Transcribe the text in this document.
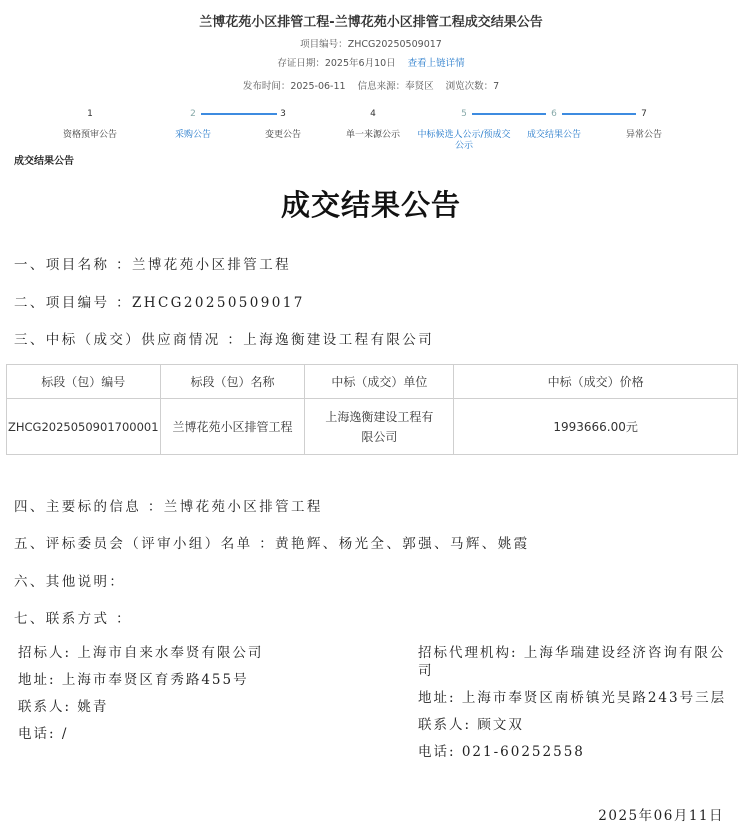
兰博花苑小区排管工程-兰博花苑小区排管工程成交结果公告
项目编号：ZHCG20250509017
存证日期：2025年6月10日 查看上链详情
发布时间：2025-06-11 信息来源：奉贤区 浏览次数：7
1
资格预审公告
2
采购公告
3
变更公告
4
单一来源公示
5
中标候选人公示/预成交公示
6
成交结果公告
7
异常公告
成交结果公告
成交结果公告
一、项目名称 ：兰博花苑小区排管工程
二、项目编号 ：ZHCG20250509017
三、中标（成交）供应商情况 ：上海逸衡建设工程有限公司
标段（包）编号	标段（包）名称	中标（成交）单位	中标（成交）价格
ZHCG2025050901700001	兰博花苑小区排管工程	上海逸衡建设工程有限公司	1993666.00元
四、主要标的信息 ：兰博花苑小区排管工程
五、评标委员会（评审小组）名单 ：黄艳辉、杨光全、郭强、马辉、姚霞
六、其他说明：
七、联系方式 ：
招标人: 上海市自来水奉贤有限公司
地址: 上海市奉贤区育秀路455号
联系人: 姚青
电话: /
招标代理机构: 上海华瑞建设经济咨询有限公司
地址: 上海市奉贤区南桥镇光昊路243号三层
联系人: 顾文双
电话: 021-60252558
2025年06月11日
